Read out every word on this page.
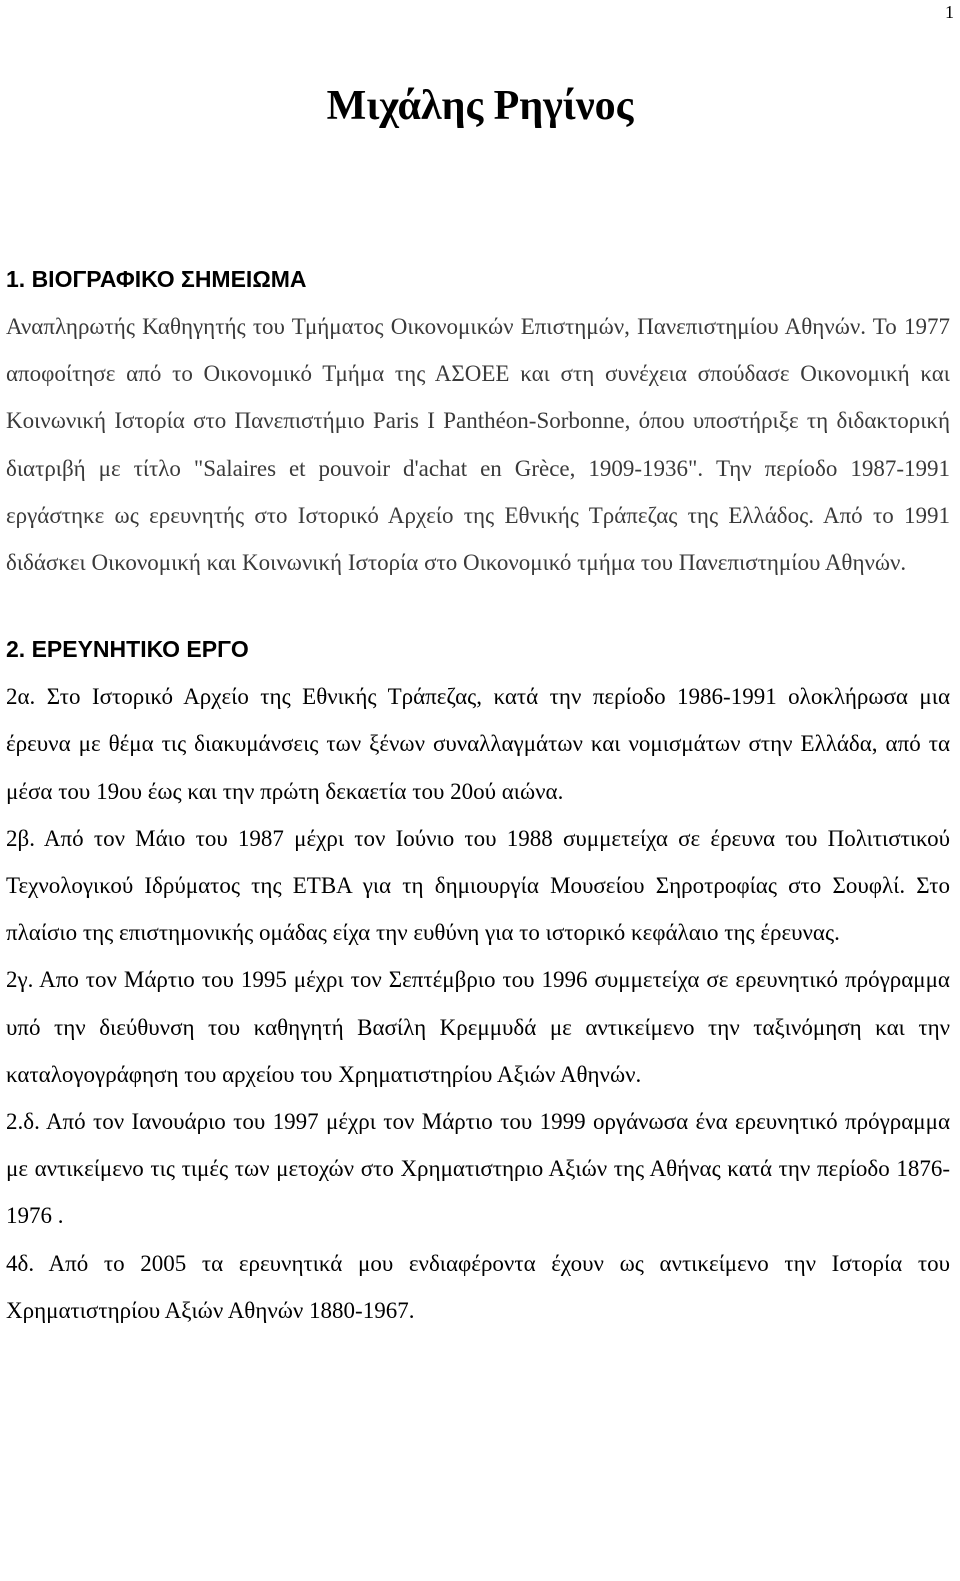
1
Μιχάλης Ρηγίνος
1. ΒΙΟΓΡΑΦΙΚΟ ΣΗΜΕΙΩΜΑ

Αναπληρωτής Καθηγητής του Τμήματος Οικονομικών Επιστημών, Πανεπιστημίου Αθηνών. Το 1977 αποφοίτησε από το Οικονομικό Τμήμα της ΑΣΟΕΕ και στη συνέχεια σπούδασε Οικονομική και Κοινωνική Ιστορία στο Πανεπιστήμιο Paris I Panthéon-Sorbonne, όπου υποστήριξε τη διδακτορική διατριβή με τίτλο "Salaires et pouvoir d'achat en Grèce, 1909-1936". Την περίοδο 1987-1991 εργάστηκε ως ερευνητής στο Ιστορικό Αρχείο της Εθνικής Τράπεζας της Ελλάδος. Από το 1991 διδάσκει Οικονομική και Κοινωνική Ιστορία στο Οικονομικό τμήμα του Πανεπιστημίου Αθηνών.

2. ΕΡΕΥΝΗΤΙΚΟ ΕΡΓΟ

2α. Στο Ιστορικό Αρχείο της Εθνικής Τράπεζας, κατά την περίοδο 1986-1991 ολοκλήρωσα μια έρευνα με θέμα τις διακυμάνσεις των ξένων συναλλαγμάτων και νομισμάτων στην Ελλάδα, από τα μέσα του 19ου έως και την πρώτη δεκαετία του 20ού αιώνα.

2β. Από τον Μάιο του 1987 μέχρι τον Ιούνιο του 1988 συμμετείχα σε έρευνα του Πολιτιστικού Τεχνολογικού Ιδρύματος της ΕΤΒΑ για τη δημιουργία Μουσείου Σηροτροφίας στο Σουφλί. Στο πλαίσιο της επιστημονικής ομάδας είχα την ευθύνη για το ιστορικό κεφάλαιο της έρευνας.

2γ. Απο τον Μάρτιο του 1995 μέχρι τον Σεπτέμβριο του 1996 συμμετείχα σε ερευνητικό πρόγραμμα υπό την διεύθυνση του καθηγητή Βασίλη Κρεμμυδά με αντικείμενο την ταξινόμηση και την καταλογογράφηση του αρχείου του Χρηματιστηρίου Αξιών Αθηνών.

2.δ. Από τον Ιανουάριο του 1997 μέχρι τον Μάρτιο του 1999 οργάνωσα ένα ερευνητικό πρόγραμμα με αντικείμενο τις τιμές των μετοχών στο Χρηματιστηριο Αξιών της Αθήνας κατά την περίοδο 1876-1976 .

4δ. Από το 2005 τα ερευνητικά μου ενδιαφέροντα έχουν ως αντικείμενο την Ιστορία του Χρηματιστηρίου Αξιών Αθηνών 1880-1967.
